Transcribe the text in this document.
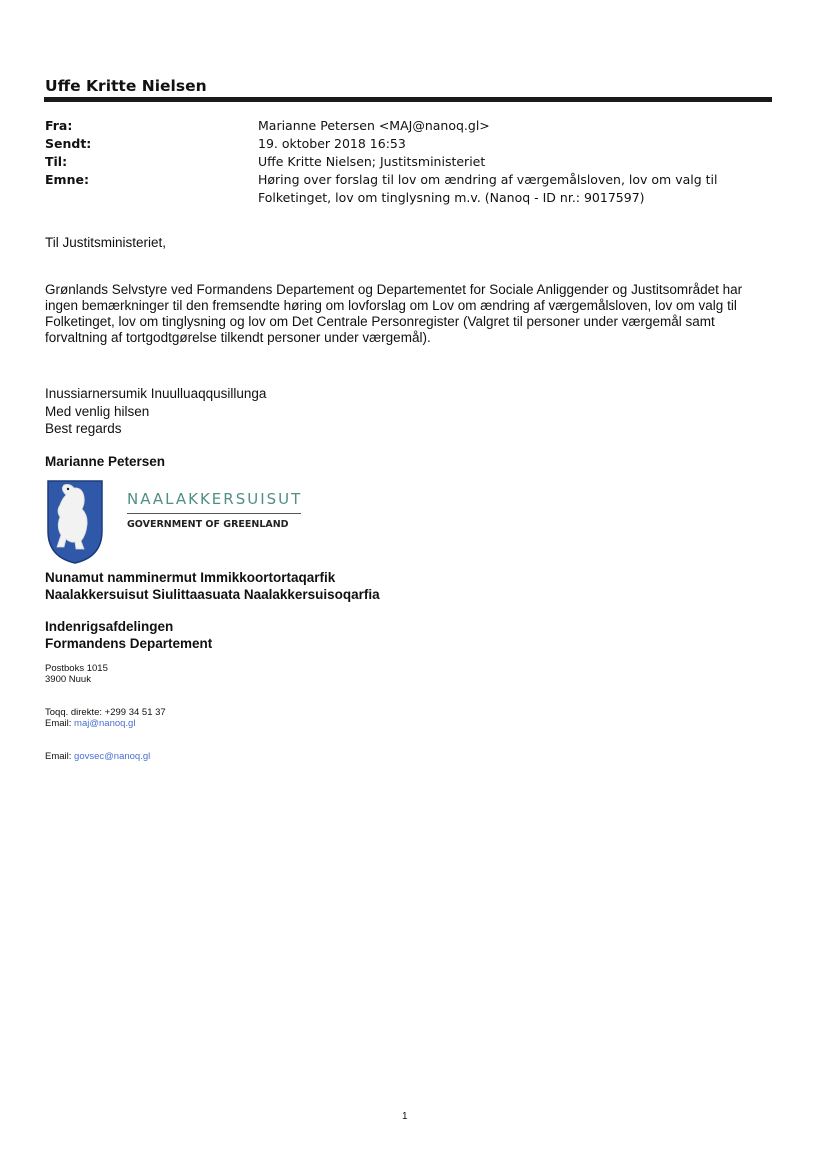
Uffe Kritte Nielsen
Fra:	Marianne Petersen <MAJ@nanoq.gl>
Sendt:	19. oktober 2018 16:53
Til:	Uffe Kritte Nielsen; Justitsministeriet
Emne:	Høring over forslag til lov om ændring af værgemålsloven, lov om valg til Folketinget, lov om tinglysning m.v. (Nanoq - ID nr.: 9017597)
Til Justitsministeriet,
Grønlands Selvstyre ved Formandens Departement og Departementet for Sociale Anliggender og Justitsområdet har ingen bemærkninger til den fremsendte høring om lovforslag om Lov om ændring af værgemålsloven, lov om valg til Folketinget, lov om tinglysning og lov om Det Centrale Personregister (Valgret til personer under værgemål samt forvaltning af tortgodtgørelse tilkendt personer under værgemål).
Inussiarnersumik Inuulluaqqusillunga
Med venlig hilsen
Best regards
Marianne Petersen
NAALAKKERSUISUT
GOVERNMENT OF GREENLAND
Nunamut namminermut Immikkoortortaqarfik
Naalakkersuisut Siulittaasuata Naalakkersuisoqarfia
Indenrigsafdelingen
Formandens Departement
Postboks 1015
3900 Nuuk
Toqq. direkte: +299 34 51 37
Email: maj@nanoq.gl
Email: govsec@nanoq.gl
1
